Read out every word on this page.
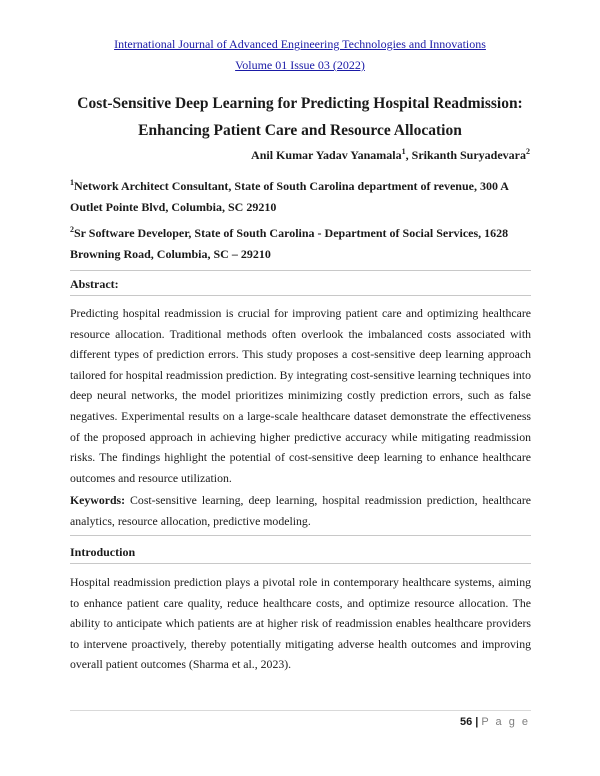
International Journal of Advanced Engineering Technologies and Innovations
Volume 01 Issue 03 (2022)
Cost-Sensitive Deep Learning for Predicting Hospital Readmission:
Enhancing Patient Care and Resource Allocation
Anil Kumar Yadav Yanamala$^1$, Srikanth Suryadevara$^2$
$^1$Network Architect Consultant, State of South Carolina department of revenue, 300 A Outlet Pointe Blvd, Columbia, SC 29210
$^2$Sr Software Developer, State of South Carolina - Department of Social Services, 1628 Browning Road, Columbia, SC – 29210
Abstract:
Predicting hospital readmission is crucial for improving patient care and optimizing healthcare resource allocation. Traditional methods often overlook the imbalanced costs associated with different types of prediction errors. This study proposes a cost-sensitive deep learning approach tailored for hospital readmission prediction. By integrating cost-sensitive learning techniques into deep neural networks, the model prioritizes minimizing costly prediction errors, such as false negatives. Experimental results on a large-scale healthcare dataset demonstrate the effectiveness of the proposed approach in achieving higher predictive accuracy while mitigating readmission risks. The findings highlight the potential of cost-sensitive deep learning to enhance healthcare outcomes and resource utilization.
Keywords: Cost-sensitive learning, deep learning, hospital readmission prediction, healthcare analytics, resource allocation, predictive modeling.
Introduction
Hospital readmission prediction plays a pivotal role in contemporary healthcare systems, aiming to enhance patient care quality, reduce healthcare costs, and optimize resource allocation. The ability to anticipate which patients are at higher risk of readmission enables healthcare providers to intervene proactively, thereby potentially mitigating adverse health outcomes and improving overall patient outcomes (Sharma et al., 2023).
56 | P a g e
